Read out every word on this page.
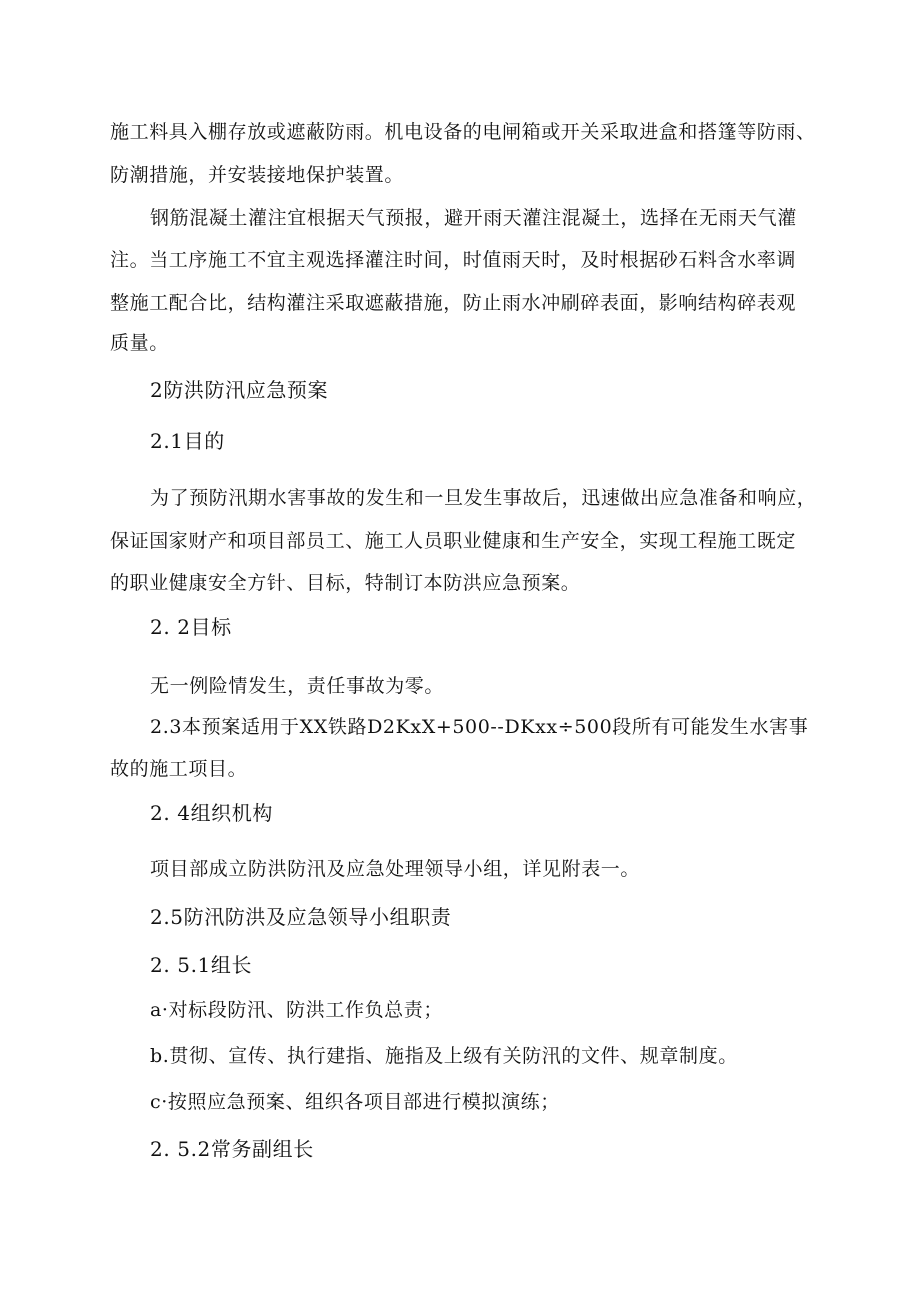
施工料具入棚存放或遮蔽防雨。机电设备的电闸箱或开关采取进盒和搭篷等防雨、
防潮措施，并安装接地保护装置。
钢筋混凝土灌注宜根据天气预报，避开雨天灌注混凝土，选择在无雨天气灌
注。当工序施工不宜主观选择灌注时间，时值雨天时，及时根据砂石料含水率调
整施工配合比，结构灌注采取遮蔽措施，防止雨水冲刷碎表面，影响结构碎表观
质量。
2防洪防汛应急预案
2.1目的
为了预防汛期水害事故的发生和一旦发生事故后，迅速做出应急准备和响应，
保证国家财产和项目部员工、施工人员职业健康和生产安全，实现工程施工既定
的职业健康安全方针、目标，特制订本防洪应急预案。
2. 2目标
无一例险情发生，责任事故为零。
2.3本预案适用于XX铁路D2KxX+500--DKxx÷500段所有可能发生水害事
故的施工项目。
2. 4组织机构
项目部成立防洪防汛及应急处理领导小组，详见附表一。
2.5防汛防洪及应急领导小组职责
2. 5.1组长
a·对标段防汛、防洪工作负总责；
b.贯彻、宣传、执行建指、施指及上级有关防汛的文件、规章制度。
c·按照应急预案、组织各项目部进行模拟演练；
2. 5.2常务副组长
